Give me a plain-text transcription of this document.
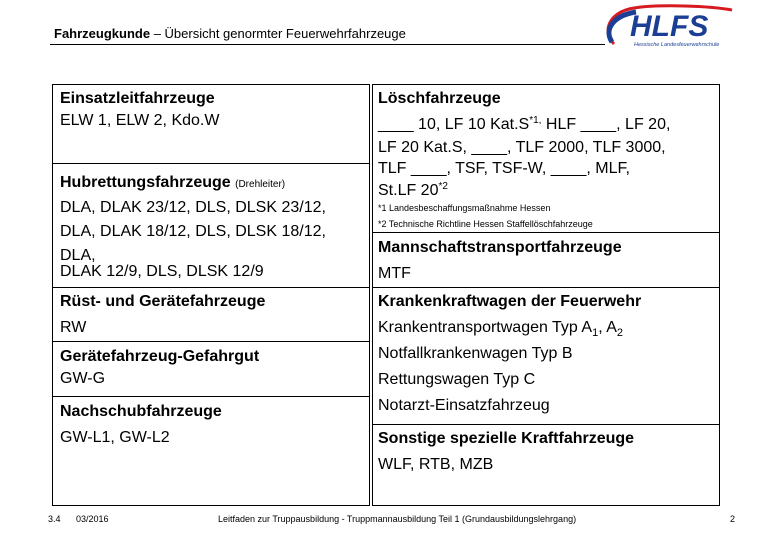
Fahrzeugkunde – Übersicht genormter Feuerwehrfahrzeuge	HLFS
Hessische Landesfeuerwehrschule
Einsatzleitfahrzeuge
ELW 1, ELW 2, Kdo.W
Hubrettungsfahrzeuge (Drehleiter)
DLA, DLAK 23/12, DLS, DLSK 23/12,
DLA, DLAK 18/12, DLS, DLSK 18/12,
DLA,
DLAK 12/9, DLS, DLSK 12/9
Rüst- und Gerätefahrzeuge
RW
Gerätefahrzeug-Gefahrgut
GW-G
Nachschubfahrzeuge
GW-L1, GW-L2
Löschfahrzeuge
____ 10, LF 10 $Kat.S^{*1,}$ HLF ____, LF 20,
LF 20 Kat.S, ____, TLF 2000, TLF 3000,
TLF ____, TSF, TSF-W, ____, MLF,
St.LF 20$^{*2}$
*1 Landesbeschaffungsmaßnahme Hessen
*2 Technische Richtline Hessen Staffellöschfahrzeuge
Mannschaftstransportfahrzeuge
MTF
Krankenkraftwagen der Feuerwehr
Krankentransportwagen Typ $A_1$, $A_2$
Notfallkrankenwagen Typ B
Rettungswagen Typ C
Notarzt-Einsatzfahrzeug
Sonstige spezielle Kraftfahrzeuge
WLF, RTB, MZB
3.4 03/2016	Leitfaden zur Truppausbildung - Truppmannausbildung Teil 1 (Grundausbildungslehrgang)	2
